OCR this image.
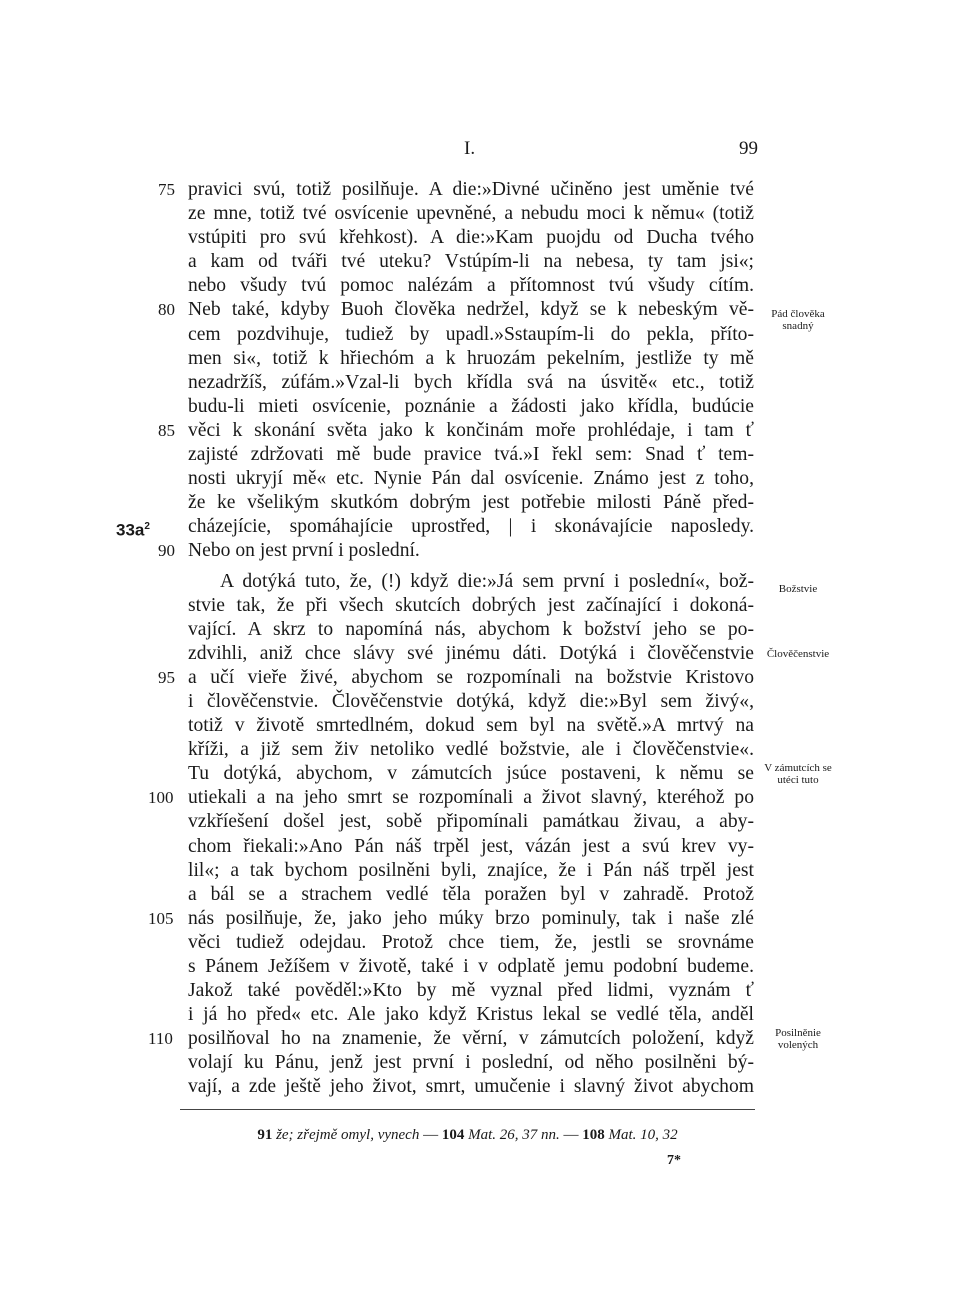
I.	99
75 pravici svú, totiž posilňuje. A die:»Divné učiněno jest uměnie tvé
ze mne, totiž tvé osvícenie upevněné, a nebudu moci k němu« (totiž
vstúpiti pro svú křehkost). A die:»Kam puojdu od Ducha tvého
a kam od tváři tvé uteku? Vstúpím-li na nebesa, ty tam jsi«;
nebo všudy tvú pomoc nalézám a přítomnost tvú všudy cítím.
80 Neb také, kdyby Buoh člověka nedržel, když se k nebeským vě-
cem pozdvihuje, tudiež by upadl.»Sstaupím-li do pekla, přítо-
men si«, totiž k hřiechóm a k hruozám pekelním, jestliže ty mě
nezadržíš, zúfám.»Vzal-li bych křídla svá na úsvitě« etc., totiž
budu-li mieti osvícenie, poznánie a žádosti jako křídla, budúcie
85 věci k skonání světa jako k končinám moře prohlédaje, i tam ť
zajisté zdržovati mě bude pravice tvá.»I řekl sem: Snad ť tem-
nosti ukryjí mě« etc. Nynie Pán dal osvícenie. Známo jest z toho,
že ke všelikým skutkóm dobrým jest potřebie milosti Páně před-
$33a^2$ cházejície, spomáhajície uprostřed, | i skonávajície naposledy.
90 Nebo on jest první i poslední.
A dotýká tuto, že, (!) když die:»Já sem první i poslední«, bož-
stvie tak, že při všech skutcích dobrých jest začínající i dokoná-
vající. A skrz to napomíná nás, abychom k božství jeho se po-
zdvihli, aniž chce slávy své jinému dáti. Dotýká i člověčenstvie
95 a učí vieře živé, abychom se rozpomínali na božstvie Kristovo
i člověčenstvie. Člověčenstvie dotýká, když die:»Byl sem živý«,
totiž v životě smrtedlném, dokud sem byl na světě.»A mrtvý na
kříži, a již sem živ netoliko vedlé božstvie, ale i člověčenstvie«.
Tu dotýká, abychom, v zámutcích jsúce postaveni, k němu se
100 utiekali a na jeho smrt se rozpomínali a život slavný, kteréhož po
vzkříešení došel jest, sobě připomínali památkau živau, a aby-
chom řiekali:»Ano Pán náš trpěl jest, vázán jest a svú krev vy-
lil«; a tak bychom posilněni byli, znajíce, že i Pán náš trpěl jest
a bál se a strachem vedlé těla poražen byl v zahradě. Protož
105 nás posilňuje, že, jako jeho múky brzo pominuly, tak i naše zlé
věci tudiež odejdau. Protož chce tiem, že, jestli se srovnáme
s Pánem Ježíšem v životě, také i v odplatě jemu podobní budeme.
Jakož také pověděl:»Kto by mě vyznal před lidmi, vyznám ť
i já ho před« etc. Ale jako když Kristus lekal se vedlé těla, anděl
110 posilňoval ho na znamenie, že věrní, v zámutcích položení, když
volají ku Pánu, jenž jest první i poslední, od něho posilněni bý-
vají, a zde ještě jeho život, smrt, umučenie i slavný život abychom
Pád člověka
snadný
Božstvie
Člověčenstvie
V zámutcích se
utéci tuto
Posilněnie
volených
91 že; zřejmě omyl, vynech — 104 Mat. 26, 37 nn. — 108 Mat. 10, 32
7*
